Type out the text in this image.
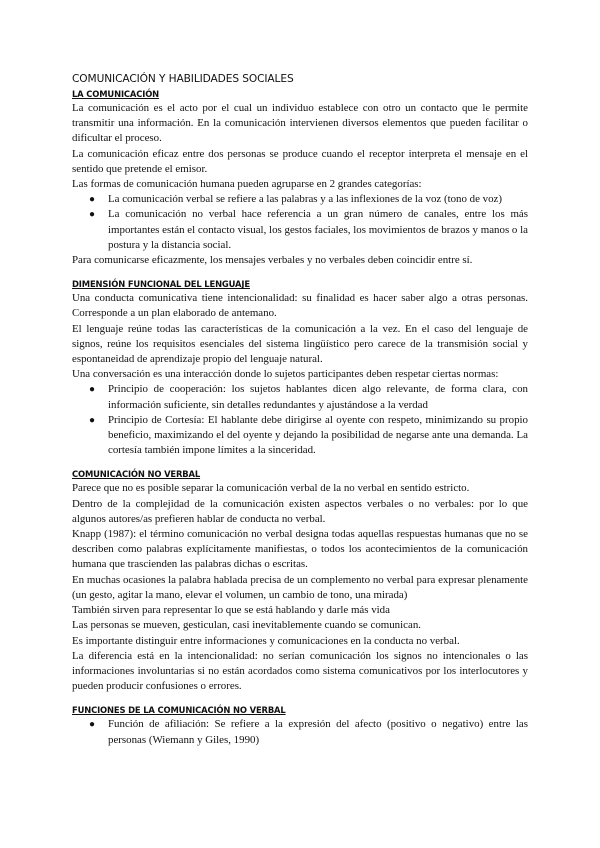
COMUNICACIÓN Y HABILIDADES SOCIALES
LA COMUNICACIÓN

La comunicación es el acto por el cual un individuo establece con otro un contacto que le permite transmitir una información. En la comunicación intervienen diversos elementos que pueden facilitar o dificultar el proceso.

La comunicación eficaz entre dos personas se produce cuando el receptor interpreta el mensaje en el sentido que pretende el emisor.

Las formas de comunicación humana pueden agruparse en 2 grandes categorías:

● La comunicación verbal se refiere a las palabras y a las inflexiones de la voz (tono de voz)
● La comunicación no verbal hace referencia a un gran número de canales, entre los más importantes están el contacto visual, los gestos faciales, los movimientos de brazos y manos o la postura y la distancia social.

Para comunicarse eficazmente, los mensajes verbales y no verbales deben coincidir entre sí.

DIMENSIÓN FUNCIONAL DEL LENGUAJE

Una conducta comunicativa tiene intencionalidad: su finalidad es hacer saber algo a otras personas. Corresponde a un plan elaborado de antemano.

El lenguaje reúne todas las características de la comunicación a la vez. En el caso del lenguaje de signos, reúne los requisitos esenciales del sistema lingüístico pero carece de la transmisión social y espontaneidad de aprendizaje propio del lenguaje natural.

Una conversación es una interacción donde lo sujetos participantes deben respetar ciertas normas:

● Principio de cooperación: los sujetos hablantes dicen algo relevante, de forma clara, con información suficiente, sin detalles redundantes y ajustándose a la verdad
● Principio de Cortesía: El hablante debe dirigirse al oyente con respeto, minimizando su propio beneficio, maximizando el del oyente y dejando la posibilidad de negarse ante una demanda. La cortesía también impone límites a la sinceridad.
COMUNICACIÓN NO VERBAL

Parece que no es posible separar la comunicación verbal de la no verbal en sentido estricto.

Dentro de la complejidad de la comunicación existen aspectos verbales o no verbales: por lo que algunos autores/as prefieren hablar de conducta no verbal.

Knapp (1987): el término comunicación no verbal designa todas aquellas respuestas humanas que no se describen como palabras explícitamente manifiestas, o todos los acontecimientos de la comunicación humana que trascienden las palabras dichas o escritas.

En muchas ocasiones la palabra hablada precisa de un complemento no verbal para expresar plenamente (un gesto, agitar la mano, elevar el volumen, un cambio de tono, una mirada)

También sirven para representar lo que se está hablando y darle más vida

Las personas se mueven, gesticulan, casi inevitablemente cuando se comunican.

Es importante distinguir entre informaciones y comunicaciones en la conducta no verbal.

La diferencia está en la intencionalidad: no serían comunicación los signos no intencionales o las informaciones involuntarias si no están acordados como sistema comunicativos por los interlocutores y pueden producir confusiones o errores.

FUNCIONES DE LA COMUNICACIÓN NO VERBAL
● Función de afiliación: Se refiere a la expresión del afecto (positivo o negativo) entre las personas (Wiemann y Giles, 1990)
